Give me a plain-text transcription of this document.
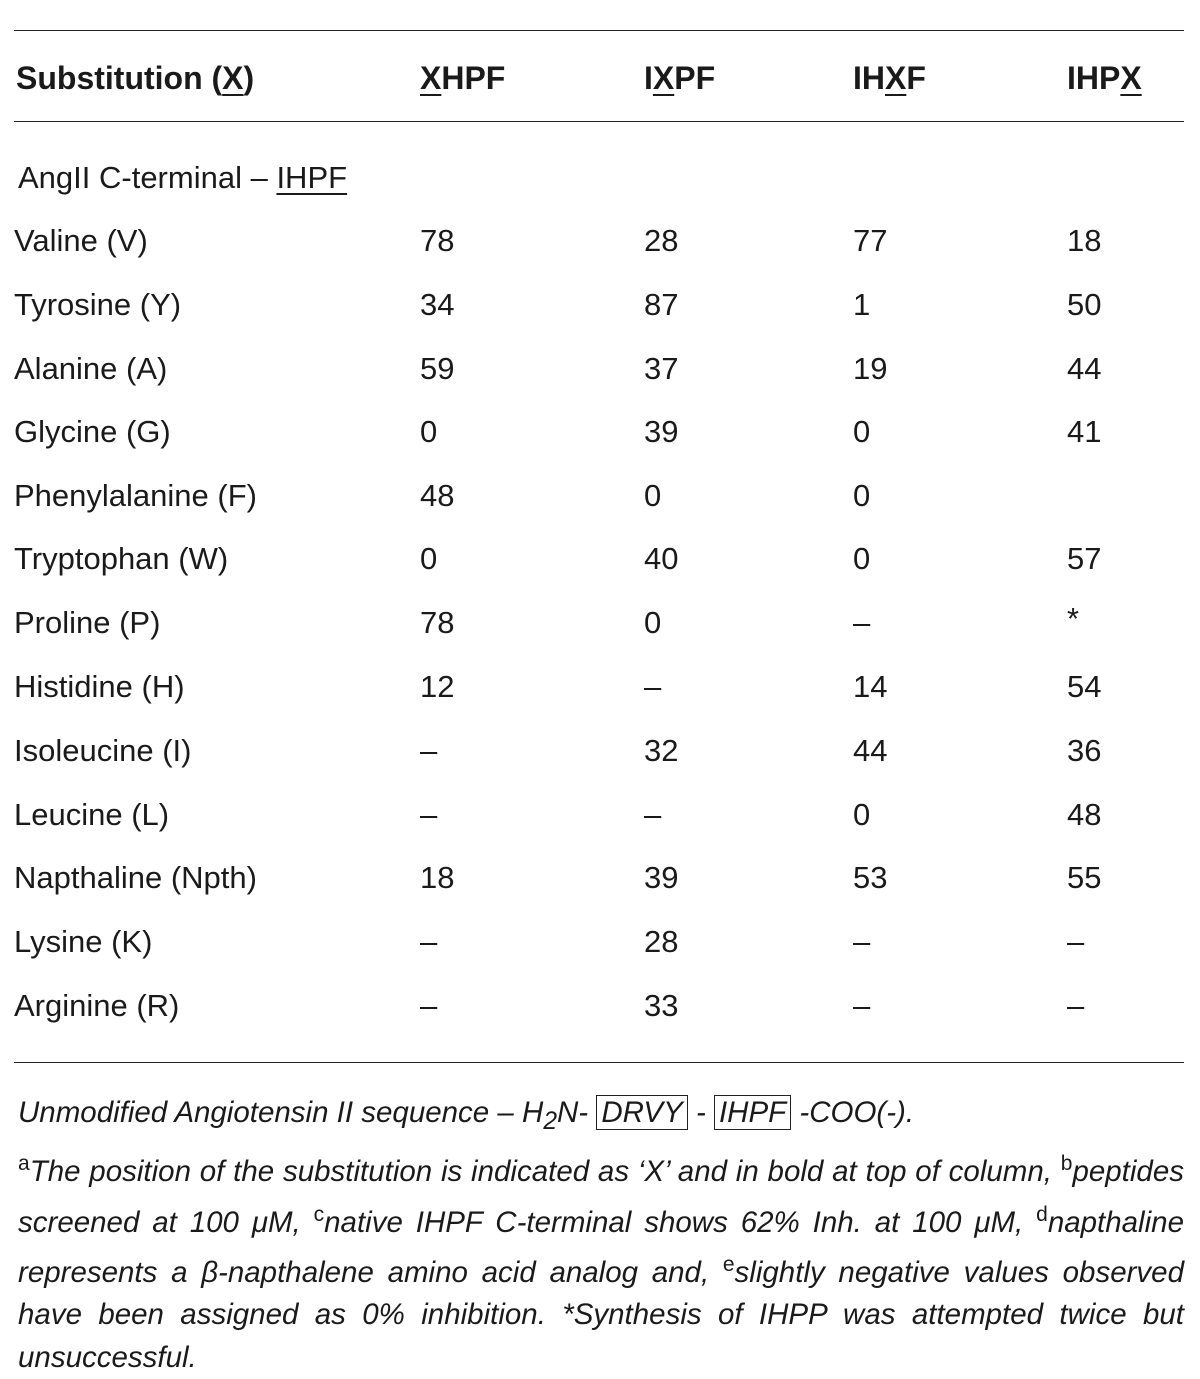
Substitution (X)	XHPF	IXPF	IHXF	IHPX
AngII C-terminal – IHPF
Valine (V)	78	28	77	18
Tyrosine (Y)	34	87	1	50
Alanine (A)	59	37	19	44
Glycine (G)	0	39	0	41
Phenylalanine (F)	48	0	0
Tryptophan (W)	0	40	0	57
Proline (P)	78	0	–	*
Histidine (H)	12	–	14	54
Isoleucine (I)	–	32	44	36
Leucine (L)	–	–	0	48
Napthaline (Npth)	18	39	53	55
Lysine (K)	–	28	–	–
Arginine (R)	–	33	–	–
Unmodified Angiotensin II sequence – $H_2N-$ DRVY - IHPF -COO(-).
$^a$The position of the substitution is indicated as ‘X’ and in bold at top of column, $^b$peptides screened at 100 μM, $^c$native IHPF C-terminal shows 62% Inh. at 100 μM, $^d$napthaline represents a β-napthalene amino acid analog and, $^e$slightly negative values observed have been assigned as 0% inhibition. *Synthesis of IHPP was attempted twice but unsuccessful.
